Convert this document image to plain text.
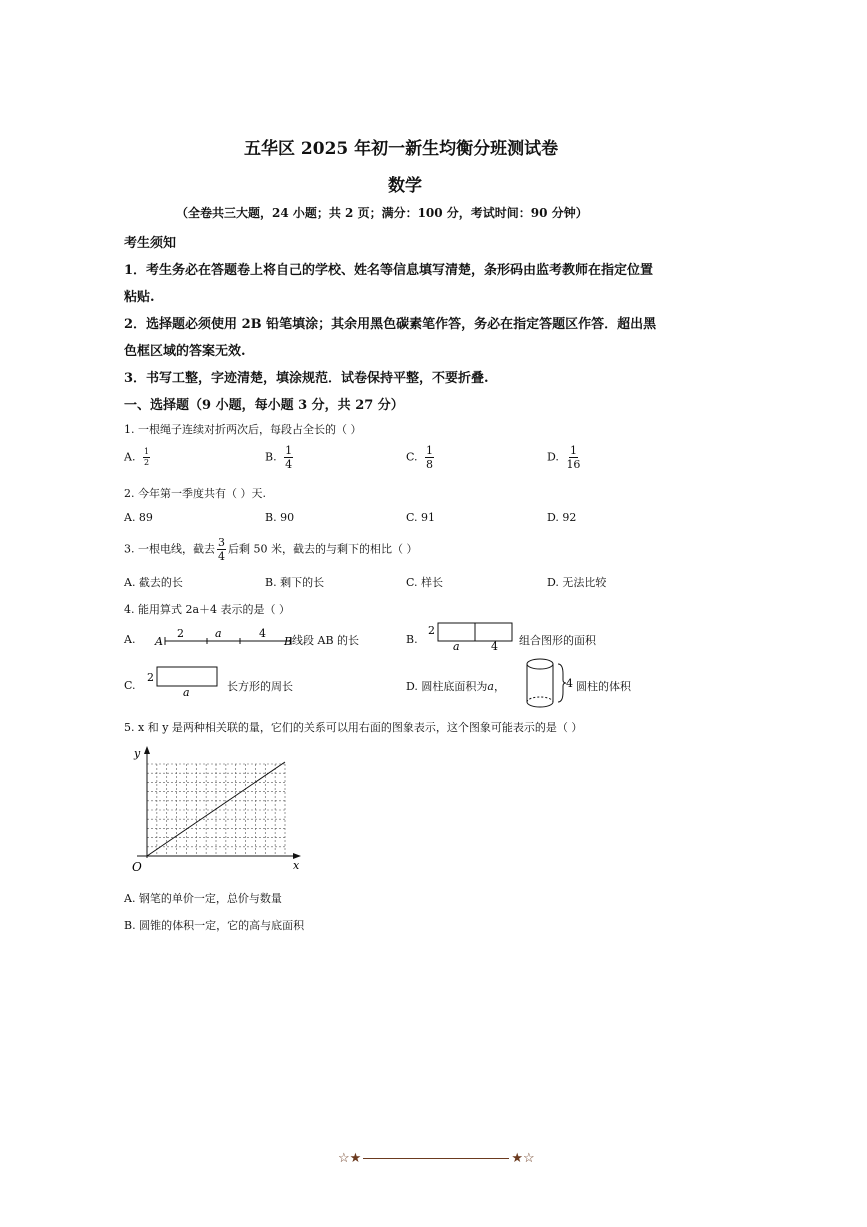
五华区 2025 年初一新生均衡分班测试卷
数学
（全卷共三大题，24 小题；共 2 页；满分：100 分，考试时间：90 分钟）
考生须知
1．考生务必在答题卷上将自己的学校、姓名等信息填写清楚，条形码由监考教师在指定位置
粘贴.
2．选择题必须使用 2B 铅笔填涂；其余用黑色碳素笔作答，务必在指定答题区作答．超出黑
色框区域的答案无效.
3．书写工整，字迹清楚，填涂规范．试卷保持平整，不要折叠.
一、选择题（9 小题，每小题 3 分，共 27 分）
1. 一根绳子连续对折两次后，每段占全长的（ ）
A. $\frac{1}{2}$	B. $\frac{1}{4}$	C. $\frac{1}{8}$	D. $\frac{1}{16}$
2. 今年第一季度共有（ ）天.
A. 89	B. 90	C. 91	D. 92
3. 一根电线，截去 $\frac{3}{4}$ 后剩 50 米，截去的与剩下的相比（ ）
A. 截去的长	B. 剩下的长	C. 样长	D. 无法比较
4. 能用算式 2a＋4 表示的是（ ）
A. A
2	a	4
B 线段 AB 的长	B.
2
a	4 组合图形的面积
C.
2
a	长方形的周长	D. 圆柱底面积为a，	4 圆柱的体积
5. x 和 y 是两种相关联的量，它们的关系可以用右面的图象表示，这个图象可能表示的是（ ）
y
x
O
A. 钢笔的单价一定，总价与数量
B. 圆锥的体积一定，它的高与底面积
☆★	★☆
